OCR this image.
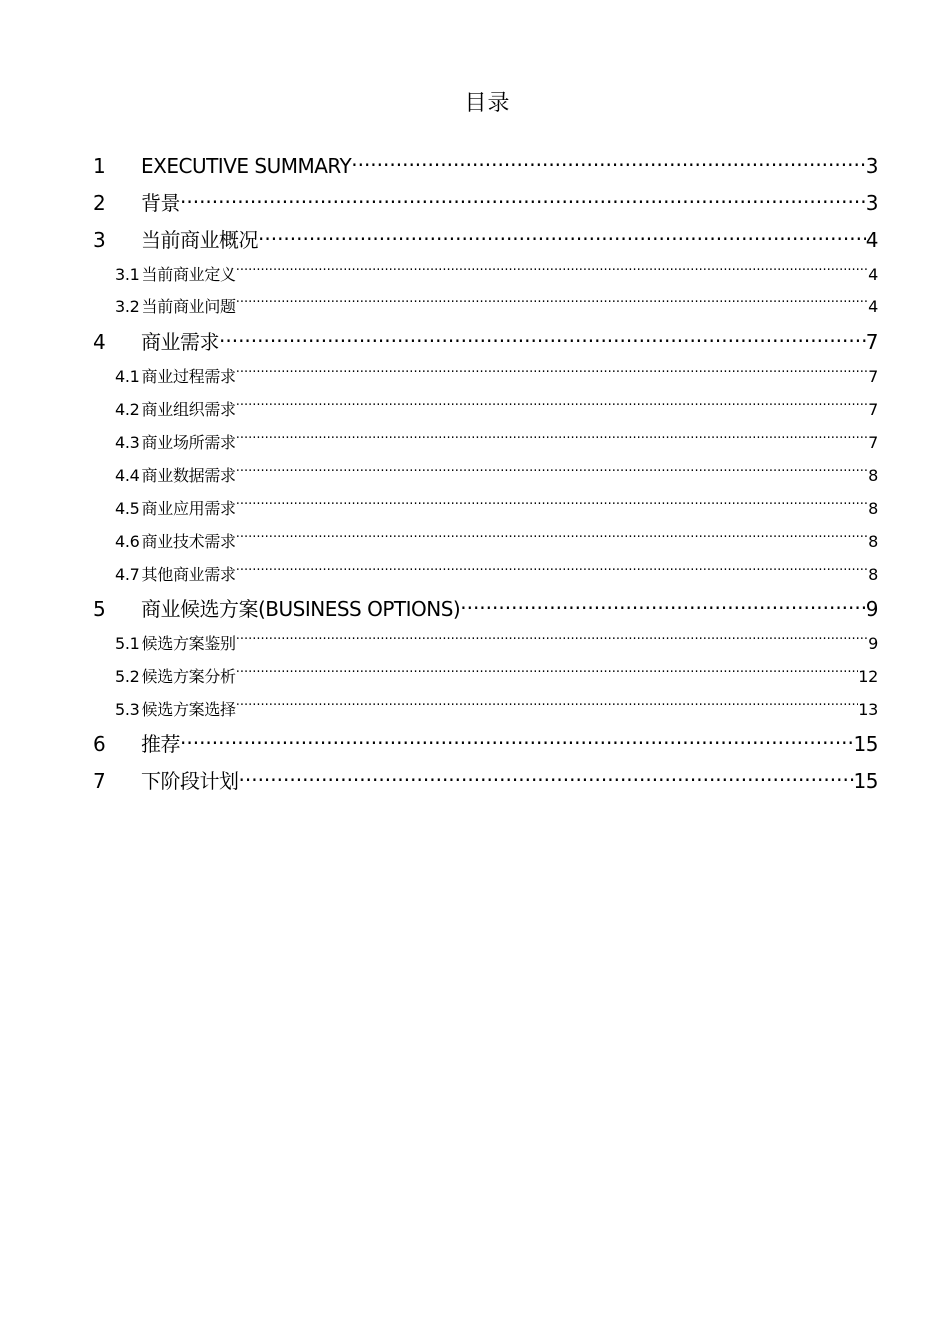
目录
1	EXECUTIVE SUMMARY .....	3
2	背景 .....	3
3	当前商业概况 .....	4
3.1 当前商业定义 .....	4
3.2 当前商业问题 .....	4
4	商业需求 .....	7
4.1 商业过程需求 .....	7
4.2 商业组织需求 .....	7
4.3 商业场所需求 .....	7
4.4 商业数据需求 .....	8
4.5 商业应用需求 .....	8
4.6 商业技术需求 .....	8
4.7 其他商业需求 .....	8
5	商业候选方案(BUSINESS OPTIONS) .....	9
5.1 候选方案鉴别 .....	9
5.2 候选方案分析 .....	12
5.3 候选方案选择 .....	13
6	推荐 .....	15
7	下阶段计划 .....	15
